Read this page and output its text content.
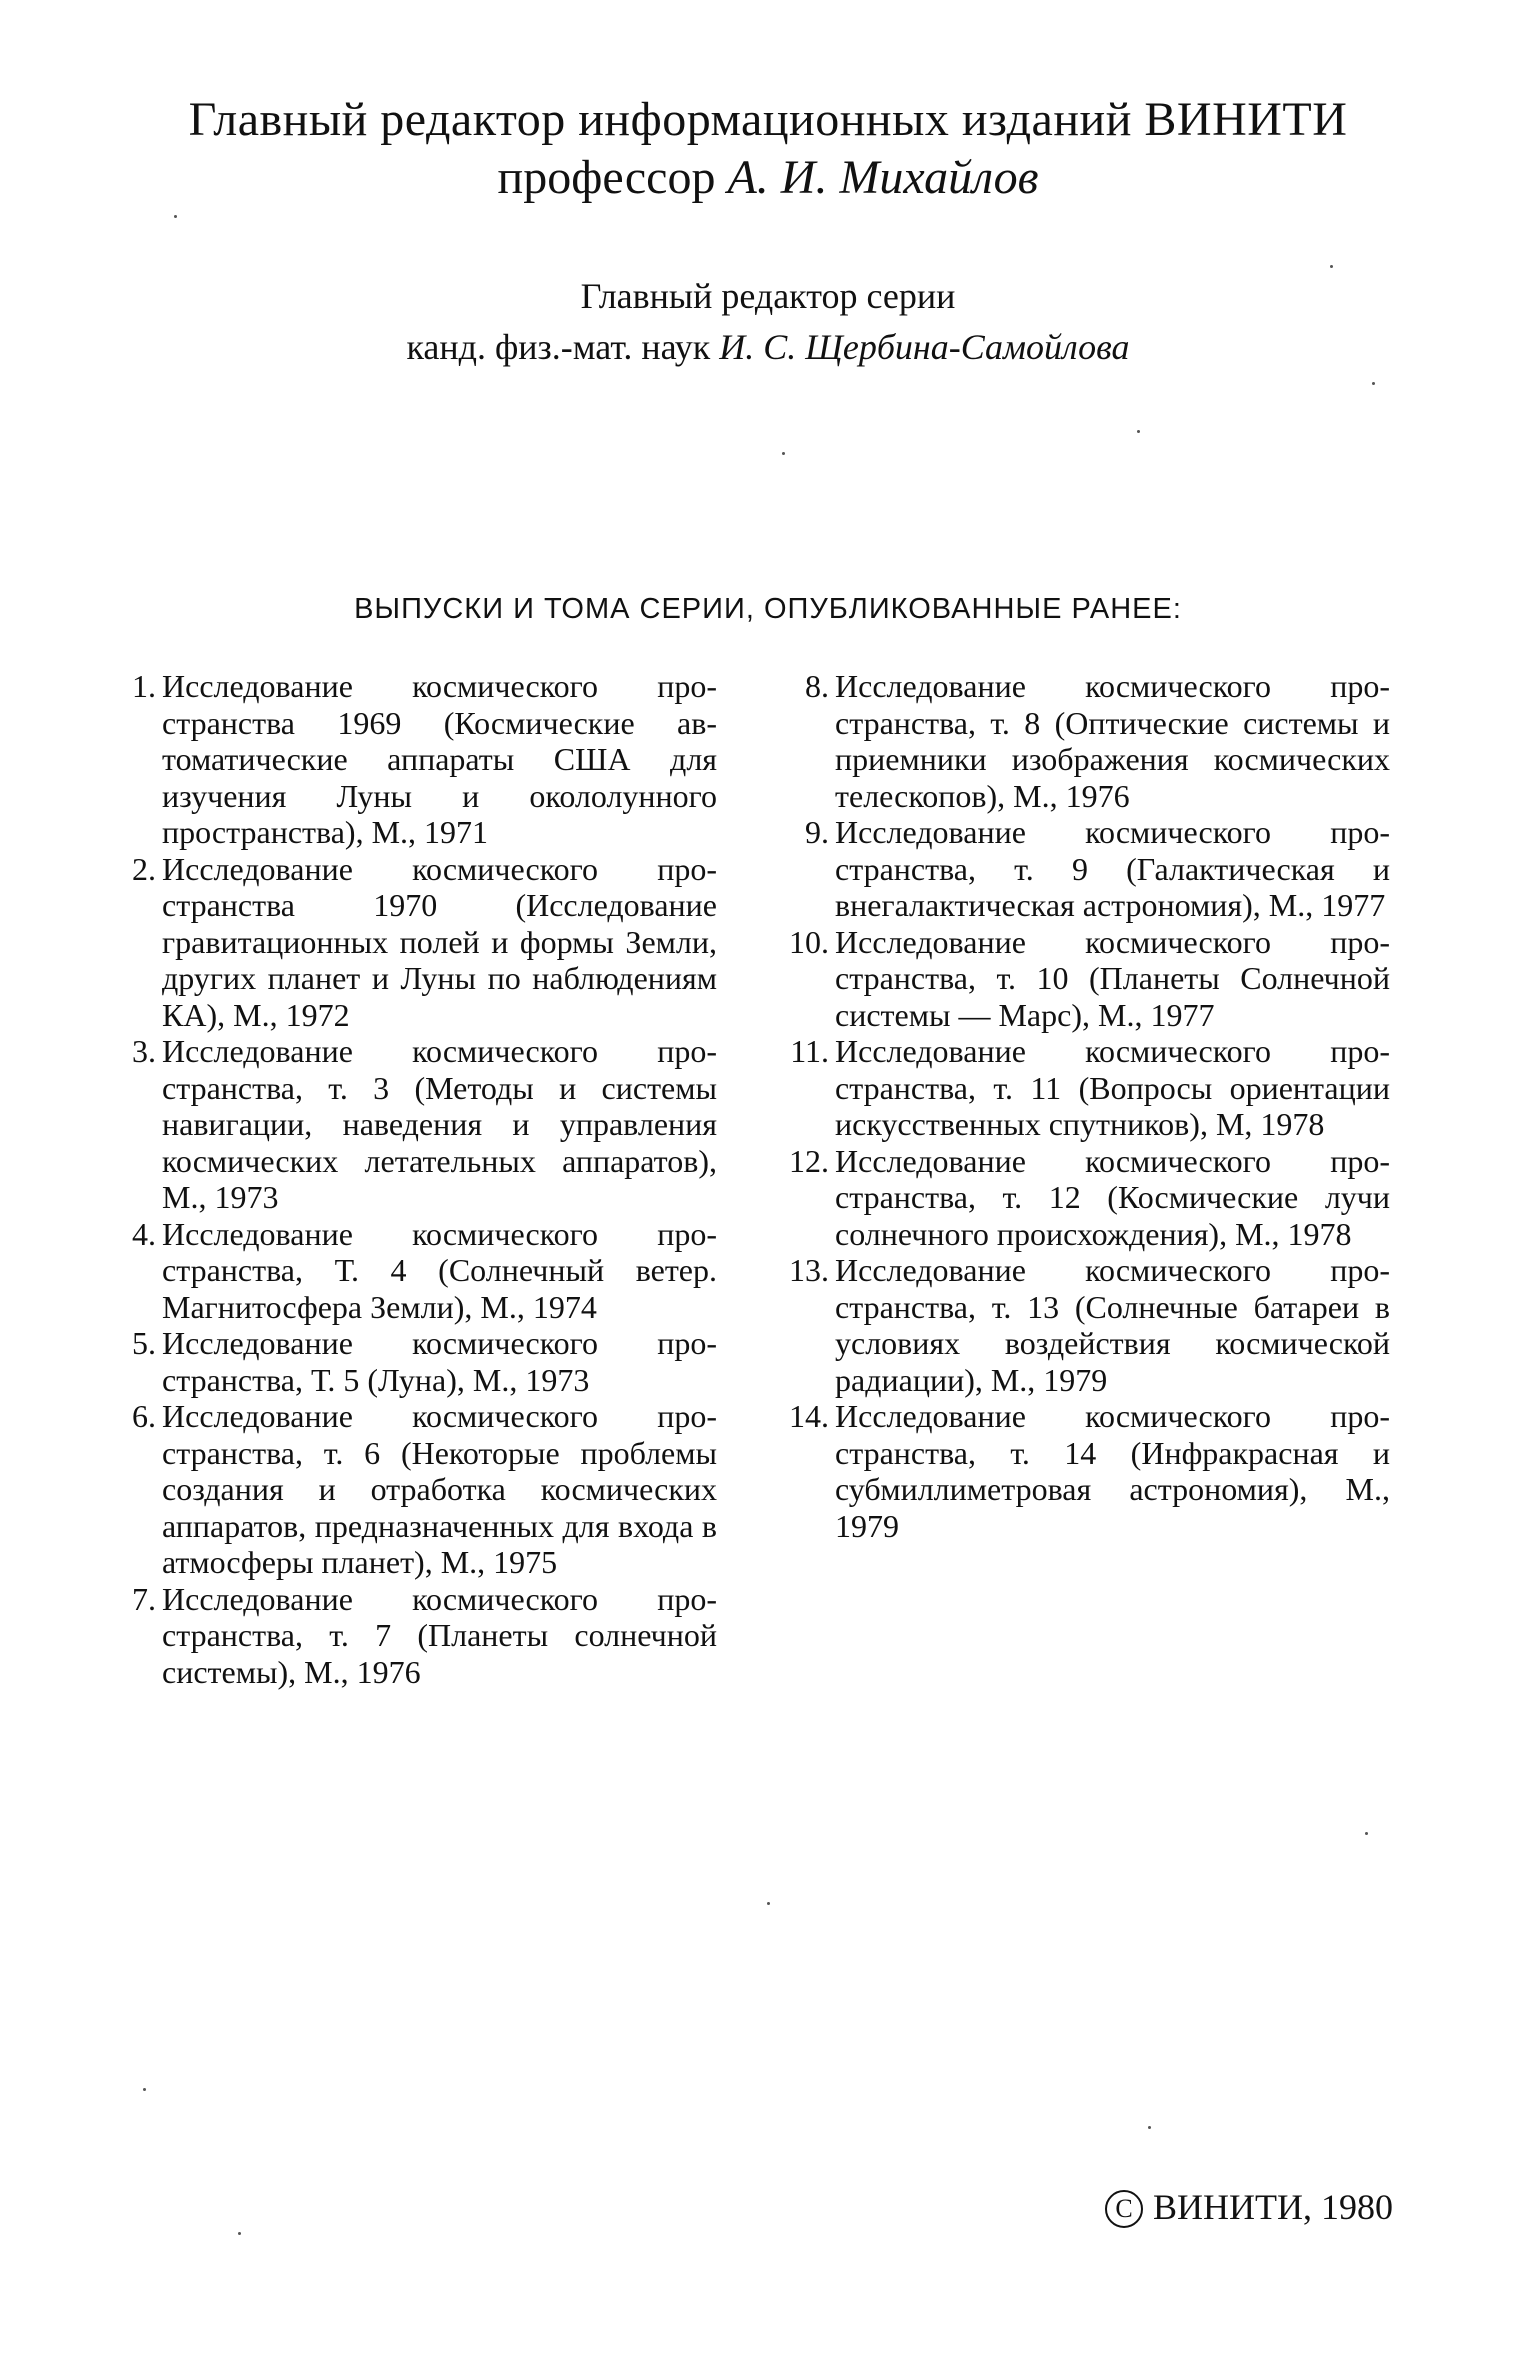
Главный редактор информационных изданий ВИНИТИ
профессор А. И. Михайлов
Главный редактор серии
канд. физ.-мат. наук И. С. Щербина-Самойлова
ВЫПУСКИ И ТОМА СЕРИИ, ОПУБЛИКОВАННЫЕ РАНЕЕ:
1. Исследование космического пространства 1969 (Космические автоматические аппараты США для изучения Луны и окололунного пространства), М., 1971
2. Исследование космического пространства 1970 (Исследование гравитационных полей и формы Земли, других планет и Луны по наблюдениям КА), М., 1972
3. Исследование космического пространства, т. 3 (Методы и системы навигации, наведения и управления космических летательных аппаратов), М., 1973
4. Исследование космического пространства, Т. 4 (Солнечный ветер. Магнитосфера Земли), М., 1974
5. Исследование космического пространства, Т. 5 (Луна), М., 1973
6. Исследование космического пространства, т. 6 (Некоторые проблемы создания и отработка космических аппаратов, предназначенных для входа в атмосферы планет), М., 1975
7. Исследование космического пространства, т. 7 (Планеты солнечной системы), М., 1976
8. Исследование космического пространства, т. 8 (Оптические системы и приемники изображения космических телескопов), М., 1976
9. Исследование космического пространства, т. 9 (Галактическая и внегалактическая астрономия), М., 1977
10. Исследование космического пространства, т. 10 (Планеты Солнечной системы — Марс), М., 1977
11. Исследование космического пространства, т. 11 (Вопросы ориентации искусственных спутников), М, 1978
12. Исследование космического пространства, т. 12 (Космические лучи солнечного происхождения), М., 1978
13. Исследование космического пространства, т. 13 (Солнечные батареи в условиях воздействия космической радиации), М., 1979
14. Исследование космического пространства, т. 14 (Инфракрасная и субмиллиметровая астрономия), М., 1979
C ВИНИТИ, 1980
